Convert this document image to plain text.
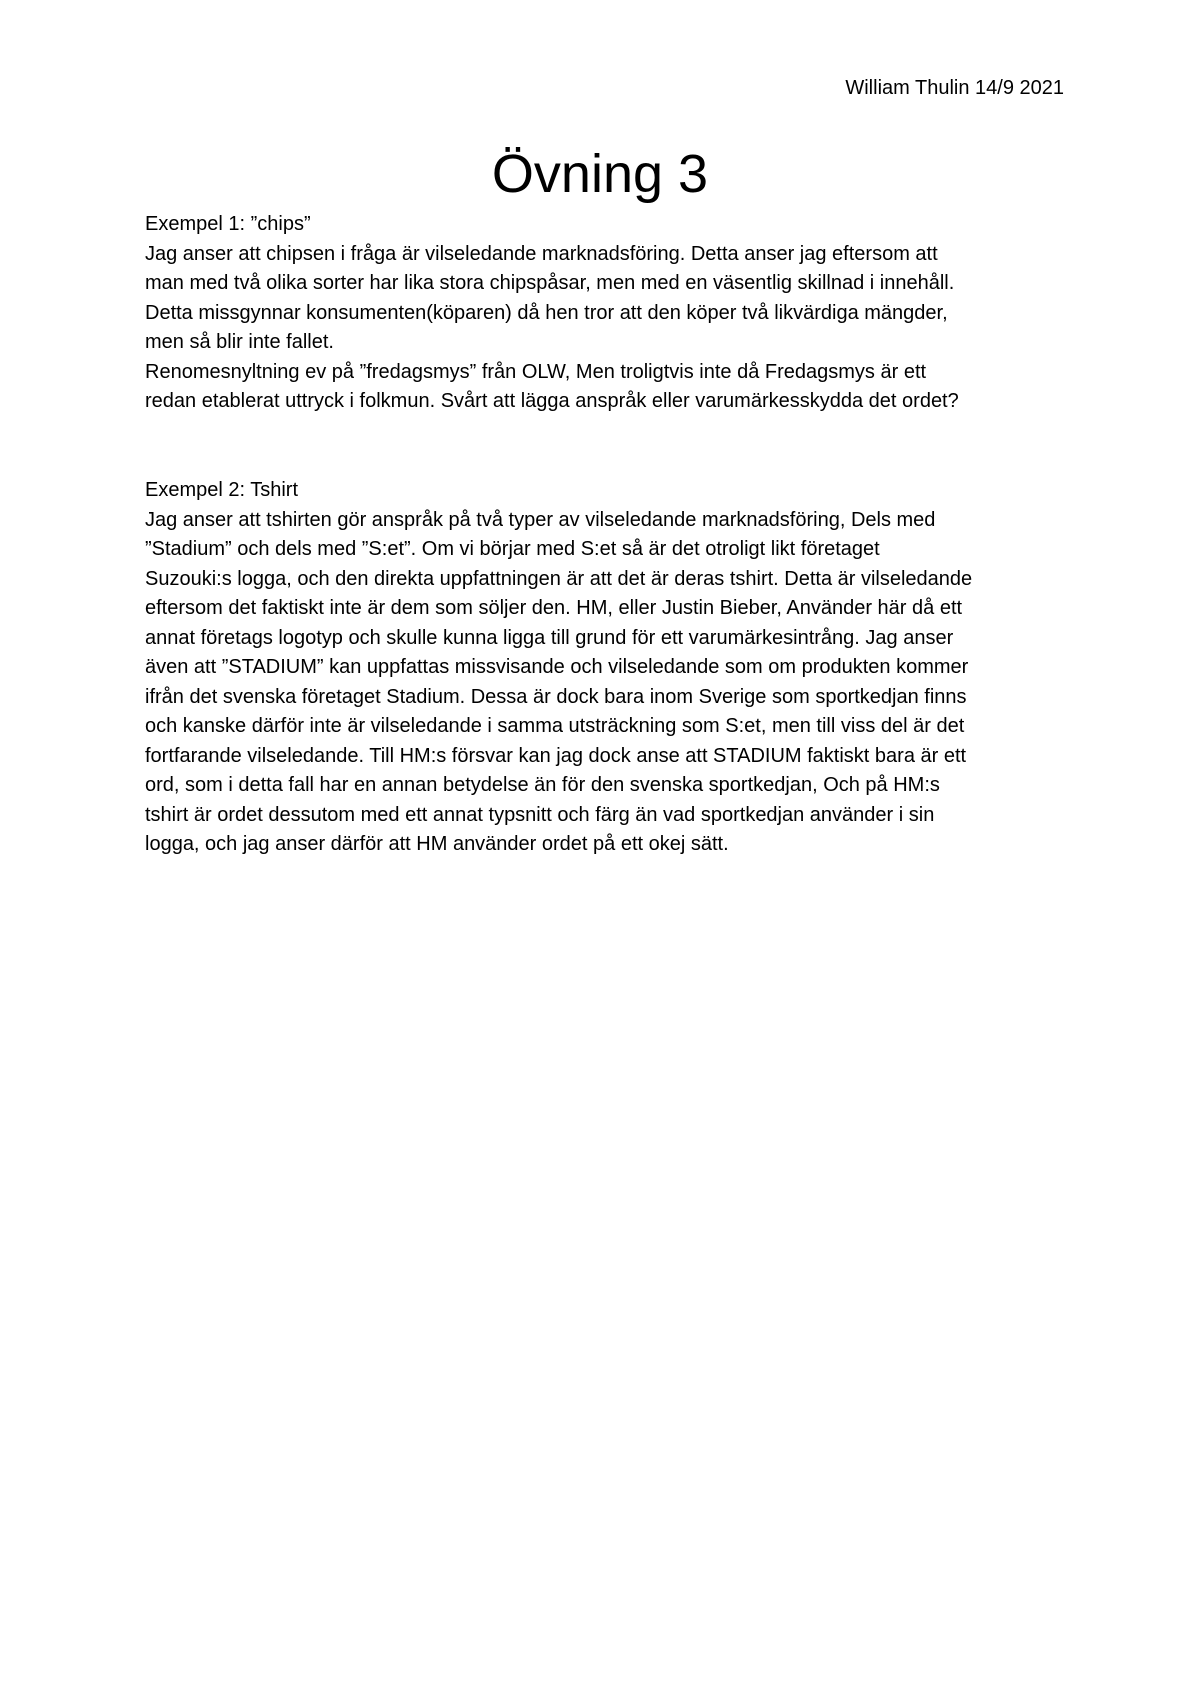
William Thulin 14/9 2021
Övning 3
Exempel 1: ”chips”
Jag anser att chipsen i fråga är vilseledande marknadsföring. Detta anser jag eftersom att
man med två olika sorter har lika stora chipspåsar, men med en väsentlig skillnad i innehåll.
Detta missgynnar konsumenten(köparen) då hen tror att den köper två likvärdiga mängder,
men så blir inte fallet.
Renomesnyltning ev på ”fredagsmys” från OLW, Men troligtvis inte då Fredagsmys är ett
redan etablerat uttryck i folkmun. Svårt att lägga anspråk eller varumärkesskydda det ordet?
Exempel 2: Tshirt
Jag anser att tshirten gör anspråk på två typer av vilseledande marknadsföring, Dels med
”Stadium” och dels med ”S:et”. Om vi börjar med S:et så är det otroligt likt företaget
Suzouki:s logga, och den direkta uppfattningen är att det är deras tshirt. Detta är vilseledande
eftersom det faktiskt inte är dem som söljer den. HM, eller Justin Bieber, Använder här då ett
annat företags logotyp och skulle kunna ligga till grund för ett varumärkesintrång. Jag anser
även att ”STADIUM” kan uppfattas missvisande och vilseledande som om produkten kommer
ifrån det svenska företaget Stadium. Dessa är dock bara inom Sverige som sportkedjan finns
och kanske därför inte är vilseledande i samma utsträckning som S:et, men till viss del är det
fortfarande vilseledande. Till HM:s försvar kan jag dock anse att STADIUM faktiskt bara är ett
ord, som i detta fall har en annan betydelse än för den svenska sportkedjan, Och på HM:s
tshirt är ordet dessutom med ett annat typsnitt och färg än vad sportkedjan använder i sin
logga, och jag anser därför att HM använder ordet på ett okej sätt.
